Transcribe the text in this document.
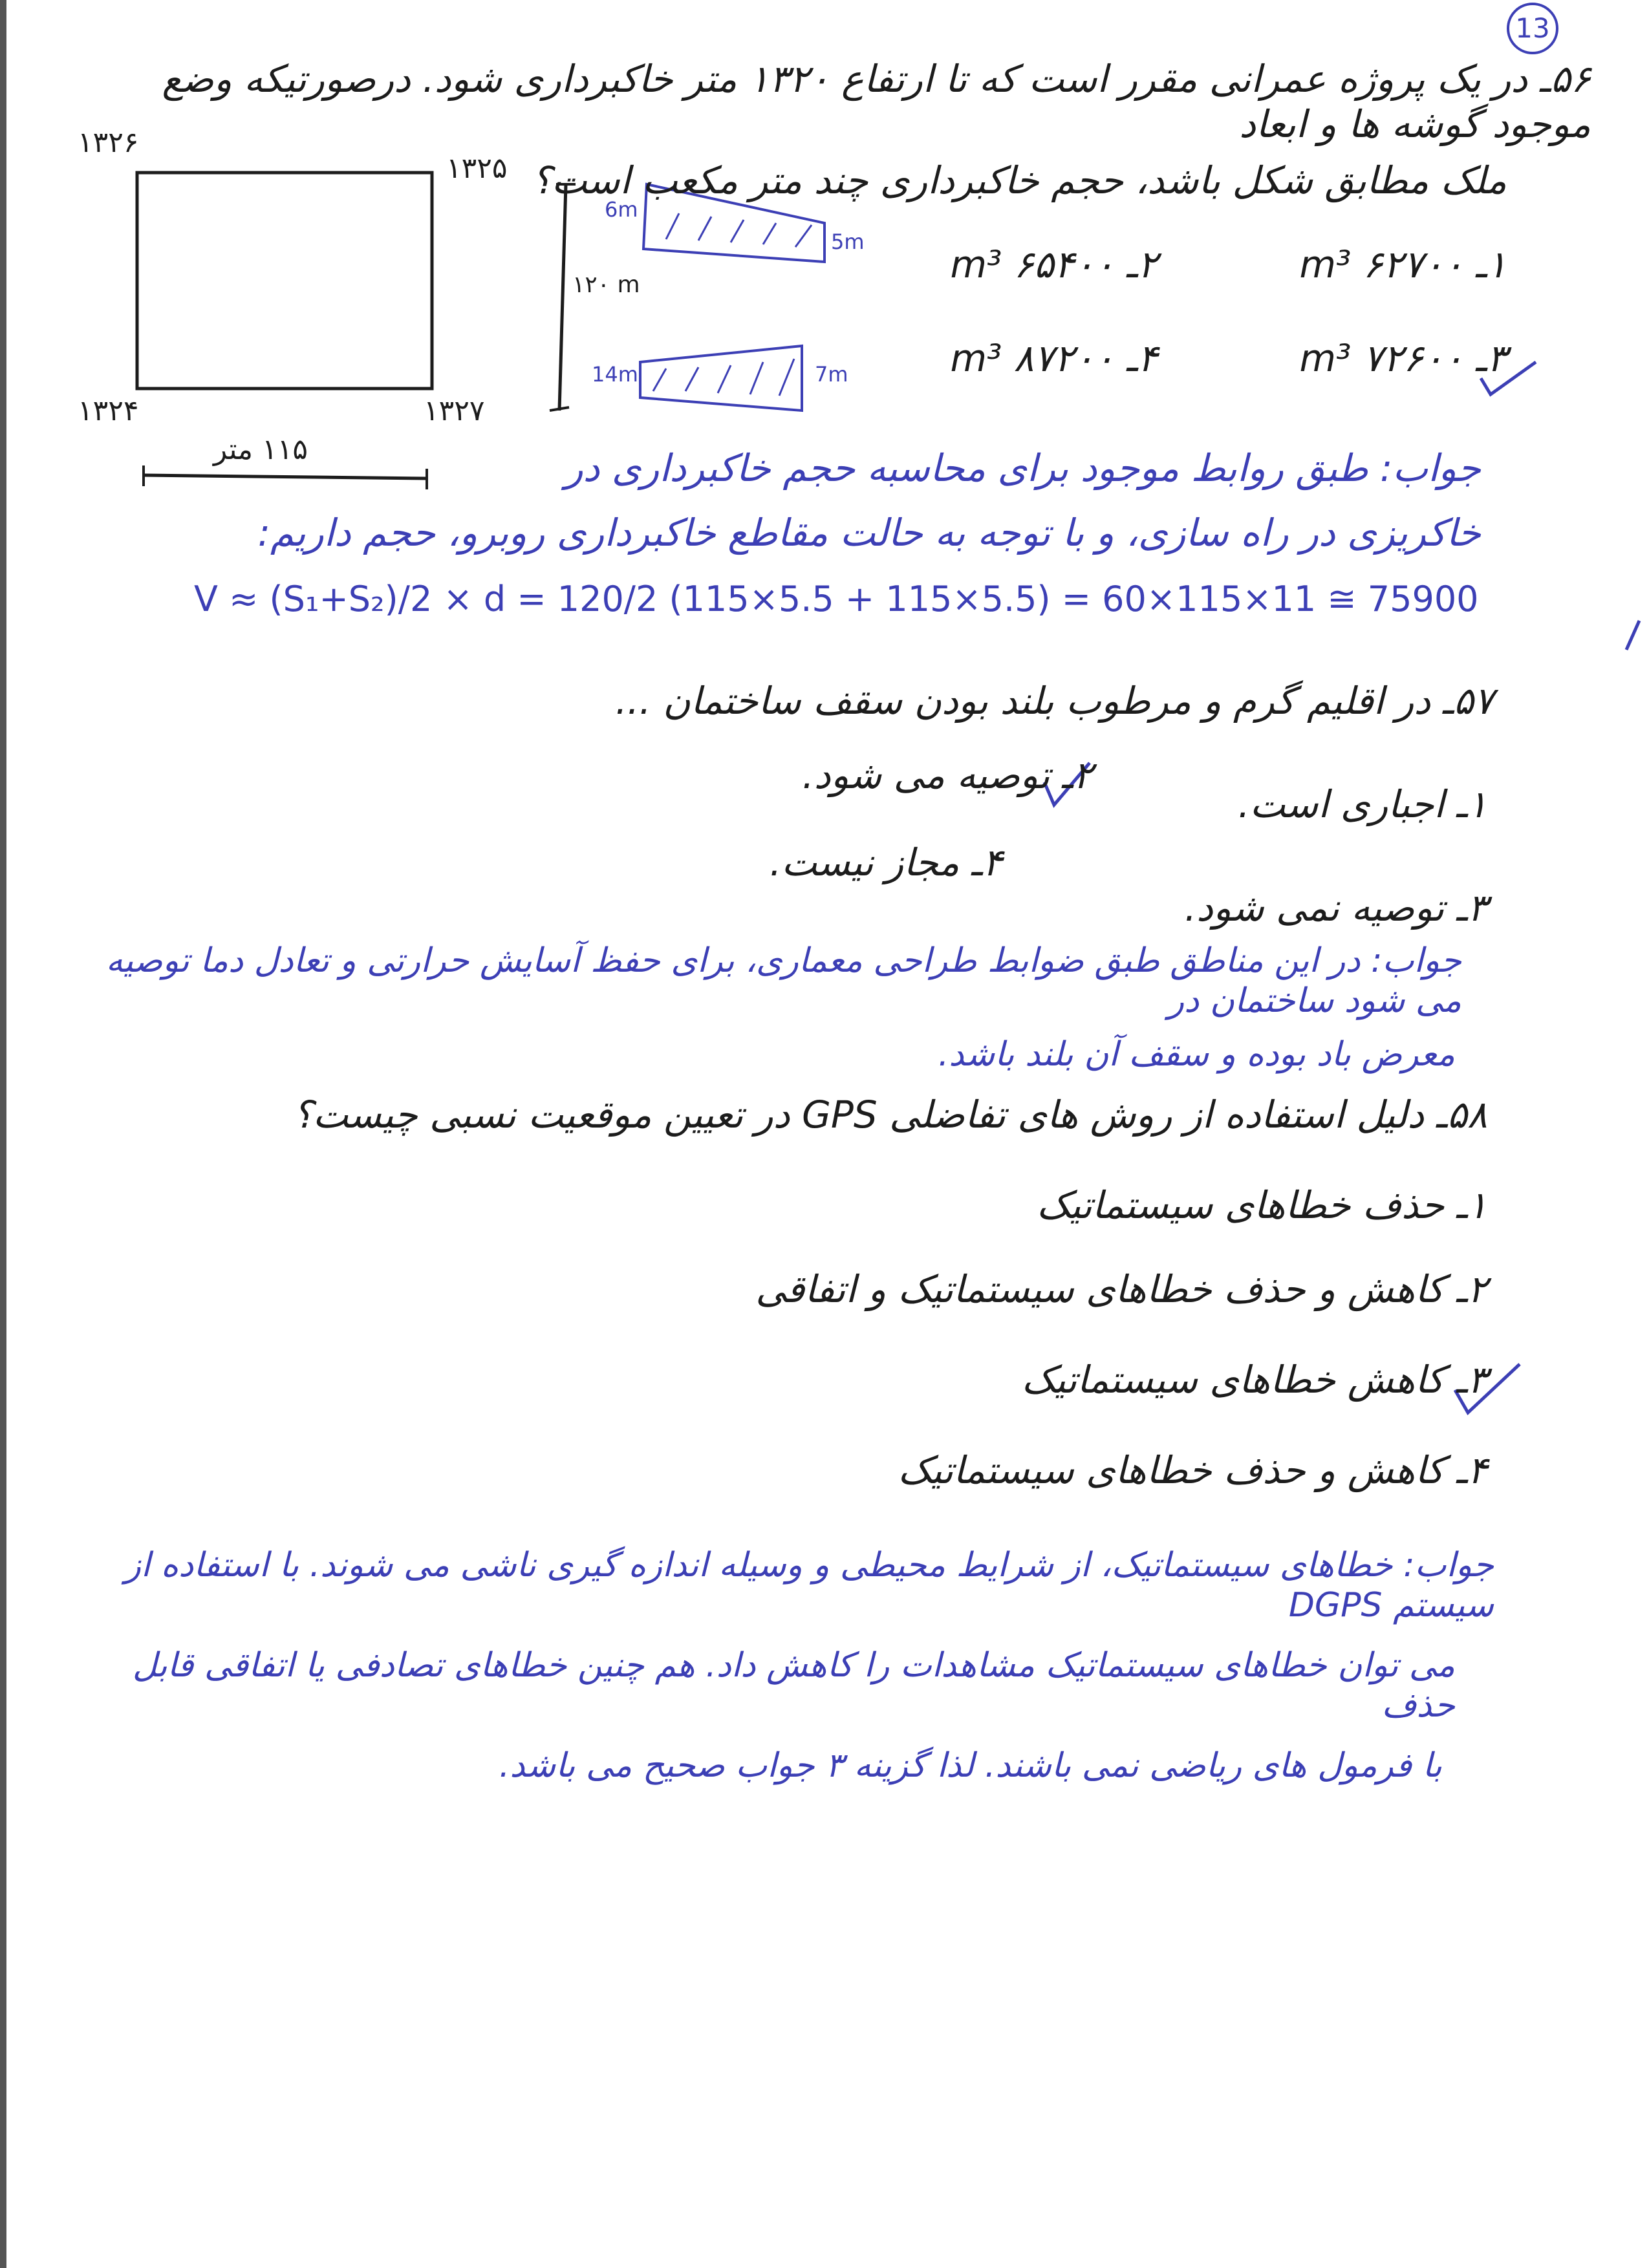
13
۱۳۲۶
۱۳۲۵
۱۳۲۴	۱۳۲۷
۱۱۵ متر
۱۲۰ m
6m
5m
14m	7m
۵۶ـ در یک پروژه عمرانی مقرر است که تا ارتفاع ۱۳۲۰ متر خاکبرداری شود. درصورتیکه وضع موجود گوشه ها و ابعاد
ملک مطابق شکل باشد، حجم خاکبرداری چند متر مکعب است؟
۱ـ ۶۲۷۰۰ m³
۲ـ ۶۵۴۰۰ m³
۳ـ ۷۲۶۰۰ m³
۴ـ ۸۷۲۰۰ m³
جواب: طبق روابط موجود برای محاسبه حجم خاکبرداری در
خاکریزی در راه سازی، و با توجه به حالت مقاطع خاکبرداری روبرو، حجم داریم:
V ≈ (S₁+S₂)/2 × d = 120/2 (115×5.5 + 115×5.5) = 60×115×11 ≅ 75900
۵۷ـ در اقلیم گرم و مرطوب بلند بودن سقف ساختمان ...
۱ـ اجباری است.
۲ـ توصیه می شود.
۳ـ توصیه نمی شود.
۴ـ مجاز نیست.
جواب: در این مناطق طبق ضوابط طراحی معماری، برای حفظ آسایش حرارتی و تعادل دما توصیه می شود ساختمان در
معرض باد بوده و سقف آن بلند باشد.
۵۸ـ دلیل استفاده از روش های تفاضلی GPS در تعیین موقعیت نسبی چیست؟
۱ـ حذف خطاهای سیستماتیک
۲ـ کاهش و حذف خطاهای سیستماتیک و اتفاقی
۳ـ کاهش خطاهای سیستماتیک
۴ـ کاهش و حذف خطاهای سیستماتیک
جواب: خطاهای سیستماتیک، از شرایط محیطی و وسیله اندازه گیری ناشی می شوند. با استفاده از سیستم DGPS
می توان خطاهای سیستماتیک مشاهدات را کاهش داد. هم چنین خطاهای تصادفی یا اتفاقی قابل حذف
با فرمول های ریاضی نمی باشند. لذا گزینه ۳ جواب صحیح می باشد.
